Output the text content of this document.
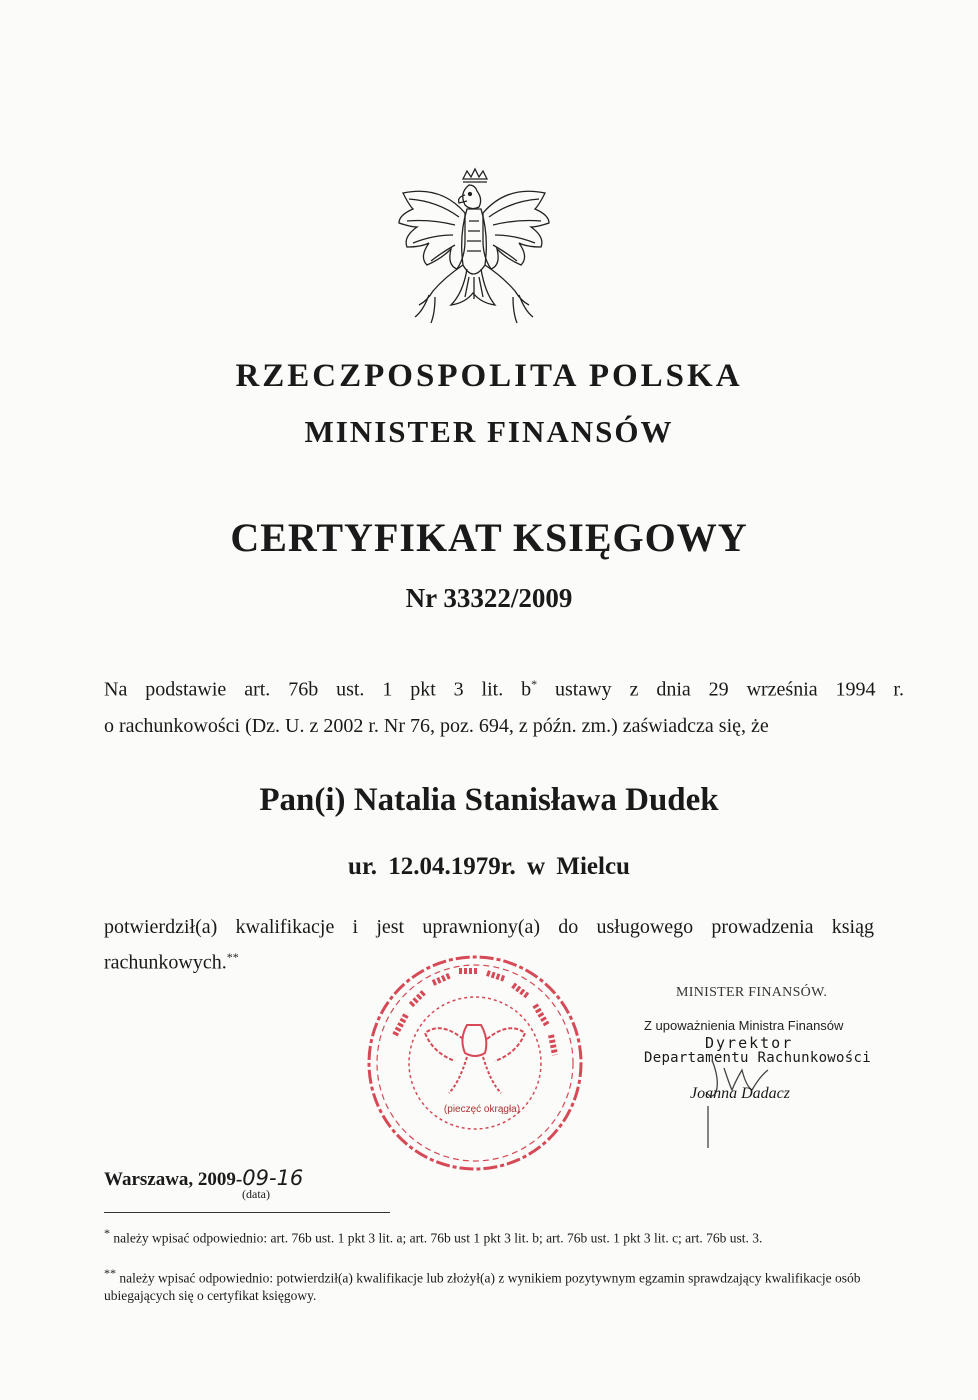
RZECZPOSPOLITA POLSKA
MINISTER FINANSÓW
CERTYFIKAT KSIĘGOWY
Nr 33322/2009
Na podstawie art. 76b ust. 1 pkt 3 lit. b* ustawy z dnia 29 września 1994 r.
o rachunkowości (Dz. U. z 2002 r. Nr 76, poz. 694, z późn. zm.) zaświadcza się, że
Pan(i) Natalia Stanisława Dudek
ur. 12.04.1979r. w Mielcu
potwierdził(a) kwalifikacje i jest uprawniony(a) do usługowego prowadzenia ksiąg
rachunkowych.**
(pieczęć okrągła)
MINISTER FINANSÓW.
Z upoważnienia Ministra Finansów
Dyrektor
Departamentu Rachunkowości
Joanna Dadacz
Warszawa, 2009-09-16
(data)
* należy wpisać odpowiednio: art. 76b ust. 1 pkt 3 lit. a; art. 76b ust 1 pkt 3 lit. b; art. 76b ust. 1 pkt 3 lit. c; art. 76b ust. 3.
** należy wpisać odpowiednio: potwierdził(a) kwalifikacje lub złożył(a) z wynikiem pozytywnym egzamin sprawdzający kwalifikacje osób ubiegających się o certyfikat księgowy.
